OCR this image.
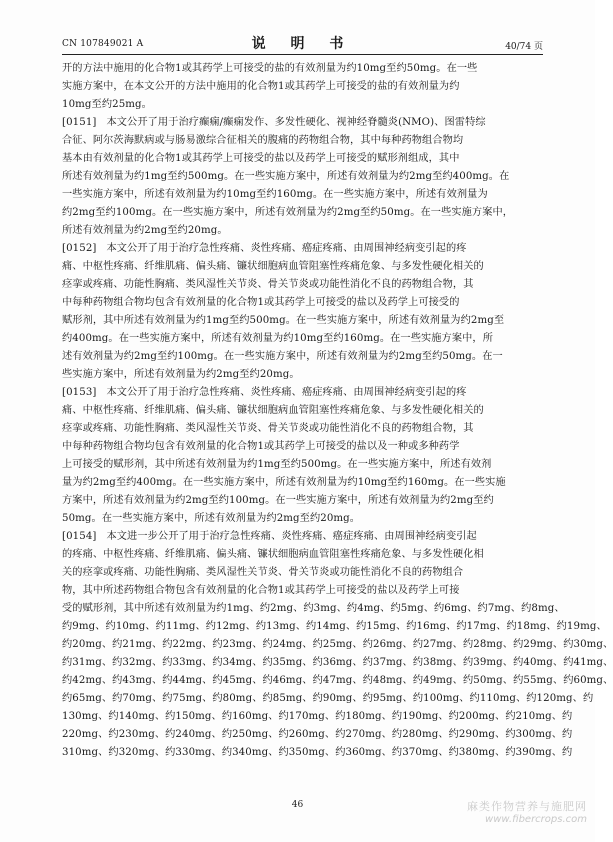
CN 107849021 A	说 明 书	40/74 页
开的方法中施用的化合物1或其药学上可接受的盐的有效剂量为约10mg至约50mg。在一些
实施方案中，在本文公开的方法中施用的化合物1或其药学上可接受的盐的有效剂量为约
10mg至约25mg。
[0151] 本文公开了用于治疗癫痫/癫痫发作、多发性硬化、视神经脊髓炎(NMO)、图雷特综
合征、阿尔茨海默病或与肠易激综合征相关的腹痛的药物组合物，其中每种药物组合物均
基本由有效剂量的化合物1或其药学上可接受的盐以及药学上可接受的赋形剂组成，其中
所述有效剂量为约1mg至约500mg。在一些实施方案中，所述有效剂量为约2mg至约400mg。在
一些实施方案中，所述有效剂量为约10mg至约160mg。在一些实施方案中，所述有效剂量为
约2mg至约100mg。在一些实施方案中，所述有效剂量为约2mg至约50mg。在一些实施方案中，
所述有效剂量为约2mg至约20mg。
[0152] 本文公开了用于治疗急性疼痛、炎性疼痛、癌症疼痛、由周围神经病变引起的疼
痛、中枢性疼痛、纤维肌痛、偏头痛、镰状细胞病血管阻塞性疼痛危象、与多发性硬化相关的
痉挛或疼痛、功能性胸痛、类风湿性关节炎、骨关节炎或功能性消化不良的药物组合物，其
中每种药物组合物均包含有效剂量的化合物1或其药学上可接受的盐以及药学上可接受的
赋形剂，其中所述有效剂量为约1mg至约500mg。在一些实施方案中，所述有效剂量为约2mg至
约400mg。在一些实施方案中，所述有效剂量为约10mg至约160mg。在一些实施方案中，所
述有效剂量为约2mg至约100mg。在一些实施方案中，所述有效剂量为约2mg至约50mg。在一
些实施方案中，所述有效剂量为约2mg至约20mg。
[0153] 本文公开了用于治疗急性疼痛、炎性疼痛、癌症疼痛、由周围神经病变引起的疼
痛、中枢性疼痛、纤维肌痛、偏头痛、镰状细胞病血管阻塞性疼痛危象、与多发性硬化相关的
痉挛或疼痛、功能性胸痛、类风湿性关节炎、骨关节炎或功能性消化不良的药物组合物，其
中每种药物组合物均包含有效剂量的化合物1或其药学上可接受的盐以及一种或多种药学
上可接受的赋形剂，其中所述有效剂量为约1mg至约500mg。在一些实施方案中，所述有效剂
量为约2mg至约400mg。在一些实施方案中，所述有效剂量为约10mg至约160mg。在一些实施
方案中，所述有效剂量为约2mg至约100mg。在一些实施方案中，所述有效剂量为约2mg至约
50mg。在一些实施方案中，所述有效剂量为约2mg至约20mg。
[0154] 本文进一步公开了用于治疗急性疼痛、炎性疼痛、癌症疼痛、由周围神经病变引起
的疼痛、中枢性疼痛、纤维肌痛、偏头痛、镰状细胞病血管阻塞性疼痛危象、与多发性硬化相
关的痉挛或疼痛、功能性胸痛、类风湿性关节炎、骨关节炎或功能性消化不良的药物组合
物，其中所述药物组合物包含有效剂量的化合物1或其药学上可接受的盐以及药学上可接
受的赋形剂，其中所述有效剂量为约1mg、约2mg、约3mg、约4mg、约5mg、约6mg、约7mg、约8mg、
约9mg、约10mg、约11mg、约12mg、约13mg、约14mg、约15mg、约16mg、约17mg、约18mg、约19mg、
约20mg、约21mg、约22mg、约23mg、约24mg、约25mg、约26mg、约27mg、约28mg、约29mg、约30mg、
约31mg、约32mg、约33mg、约34mg、约35mg、约36mg、约37mg、约38mg、约39mg、约40mg、约41mg、
约42mg、约43mg、约44mg、约45mg、约46mg、约47mg、约48mg、约49mg、约50mg、约55mg、约60mg、
约65mg、约70mg、约75mg、约80mg、约85mg、约90mg、约95mg、约100mg、约110mg、约120mg、约
130mg、约140mg、约150mg、约160mg、约170mg、约180mg、约190mg、约200mg、约210mg、约
220mg、约230mg、约240mg、约250mg、约260mg、约270mg、约280mg、约290mg、约300mg、约
310mg、约320mg、约330mg、约340mg、约350mg、约360mg、约370mg、约380mg、约390mg、约
46	麻类作物营养与施肥网
www.fibercrops.com
